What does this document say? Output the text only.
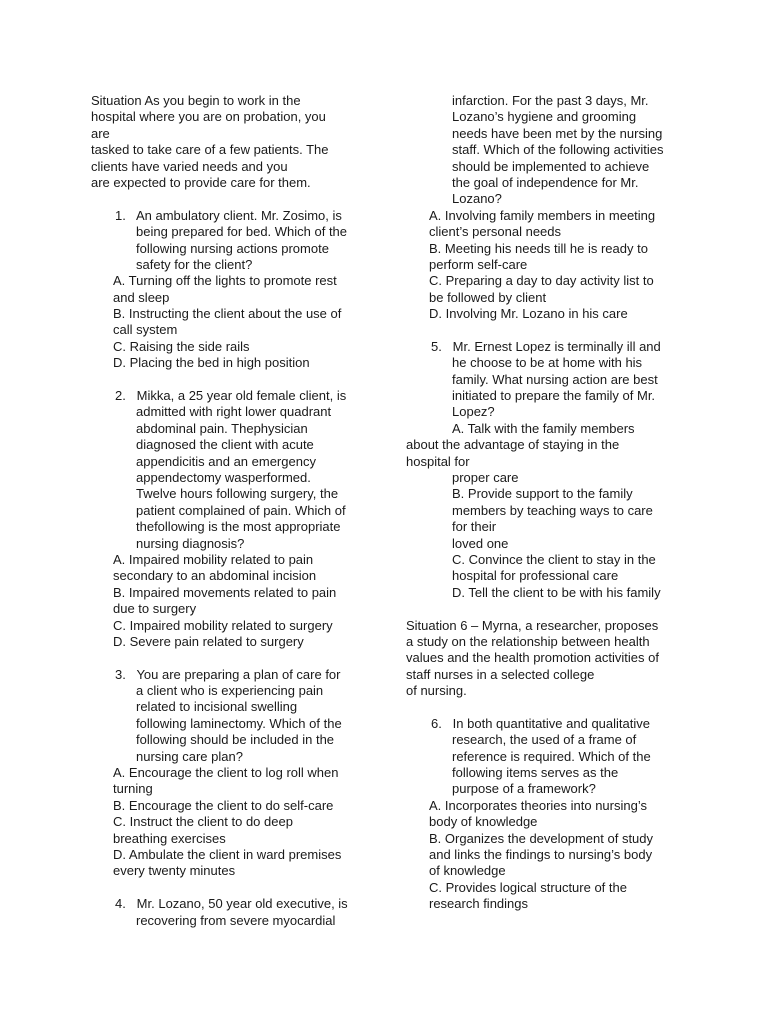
Situation As you begin to work in the
hospital where you are on probation, you
are
tasked to take care of a few patients. The
clients have varied needs and you
are expected to provide care for them.
1.   An ambulatory client. Mr. Zosimo, is
being prepared for bed. Which of the
following nursing actions promote
safety for the client?
A. Turning off the lights to promote rest
and sleep
B. Instructing the client about the use of
call system
C. Raising the side rails
D. Placing the bed in high position
2.   Mikka, a 25 year old female client, is
admitted with right lower quadrant
abdominal pain. Thephysician
diagnosed the client with acute
appendicitis and an emergency
appendectomy wasperformed.
Twelve hours following surgery, the
patient complained of pain. Which of
thefollowing is the most appropriate
nursing diagnosis?
A. Impaired mobility related to pain
secondary to an abdominal incision
B. Impaired movements related to pain
due to surgery
C. Impaired mobility related to surgery
D. Severe pain related to surgery
3.   You are preparing a plan of care for
a client who is experiencing pain
related to incisional swelling
following laminectomy. Which of the
following should be included in the
nursing care plan?
A. Encourage the client to log roll when
turning
B. Encourage the client to do self-care
C. Instruct the client to do deep
breathing exercises
D. Ambulate the client in ward premises
every twenty minutes
4.   Mr. Lozano, 50 year old executive, is
recovering from severe myocardial
infarction. For the past 3 days, Mr.
Lozano’s hygiene and grooming
needs have been met by the nursing
staff. Which of the following activities
should be implemented to achieve
the goal of independence for Mr.
Lozano?
A. Involving family members in meeting
client’s personal needs
B. Meeting his needs till he is ready to
perform self-care
C. Preparing a day to day activity list to
be followed by client
D. Involving Mr. Lozano in his care
5.   Mr. Ernest Lopez is terminally ill and
he choose to be at home with his
family. What nursing action are best
initiated to prepare the family of Mr.
Lopez?
A. Talk with the family members
about the advantage of staying in the
hospital for
proper care
B. Provide support to the family
members by teaching ways to care
for their
loved one
C. Convince the client to stay in the
hospital for professional care
D. Tell the client to be with his family
Situation 6 – Myrna, a researcher, proposes
a study on the relationship between health
values and the health promotion activities of
staff nurses in a selected college
of nursing.
6.   In both quantitative and qualitative
research, the used of a frame of
reference is required. Which of the
following items serves as the
purpose of a framework?
A. Incorporates theories into nursing’s
body of knowledge
B. Organizes the development of study
and links the findings to nursing’s body
of knowledge
C. Provides logical structure of the
research findings
